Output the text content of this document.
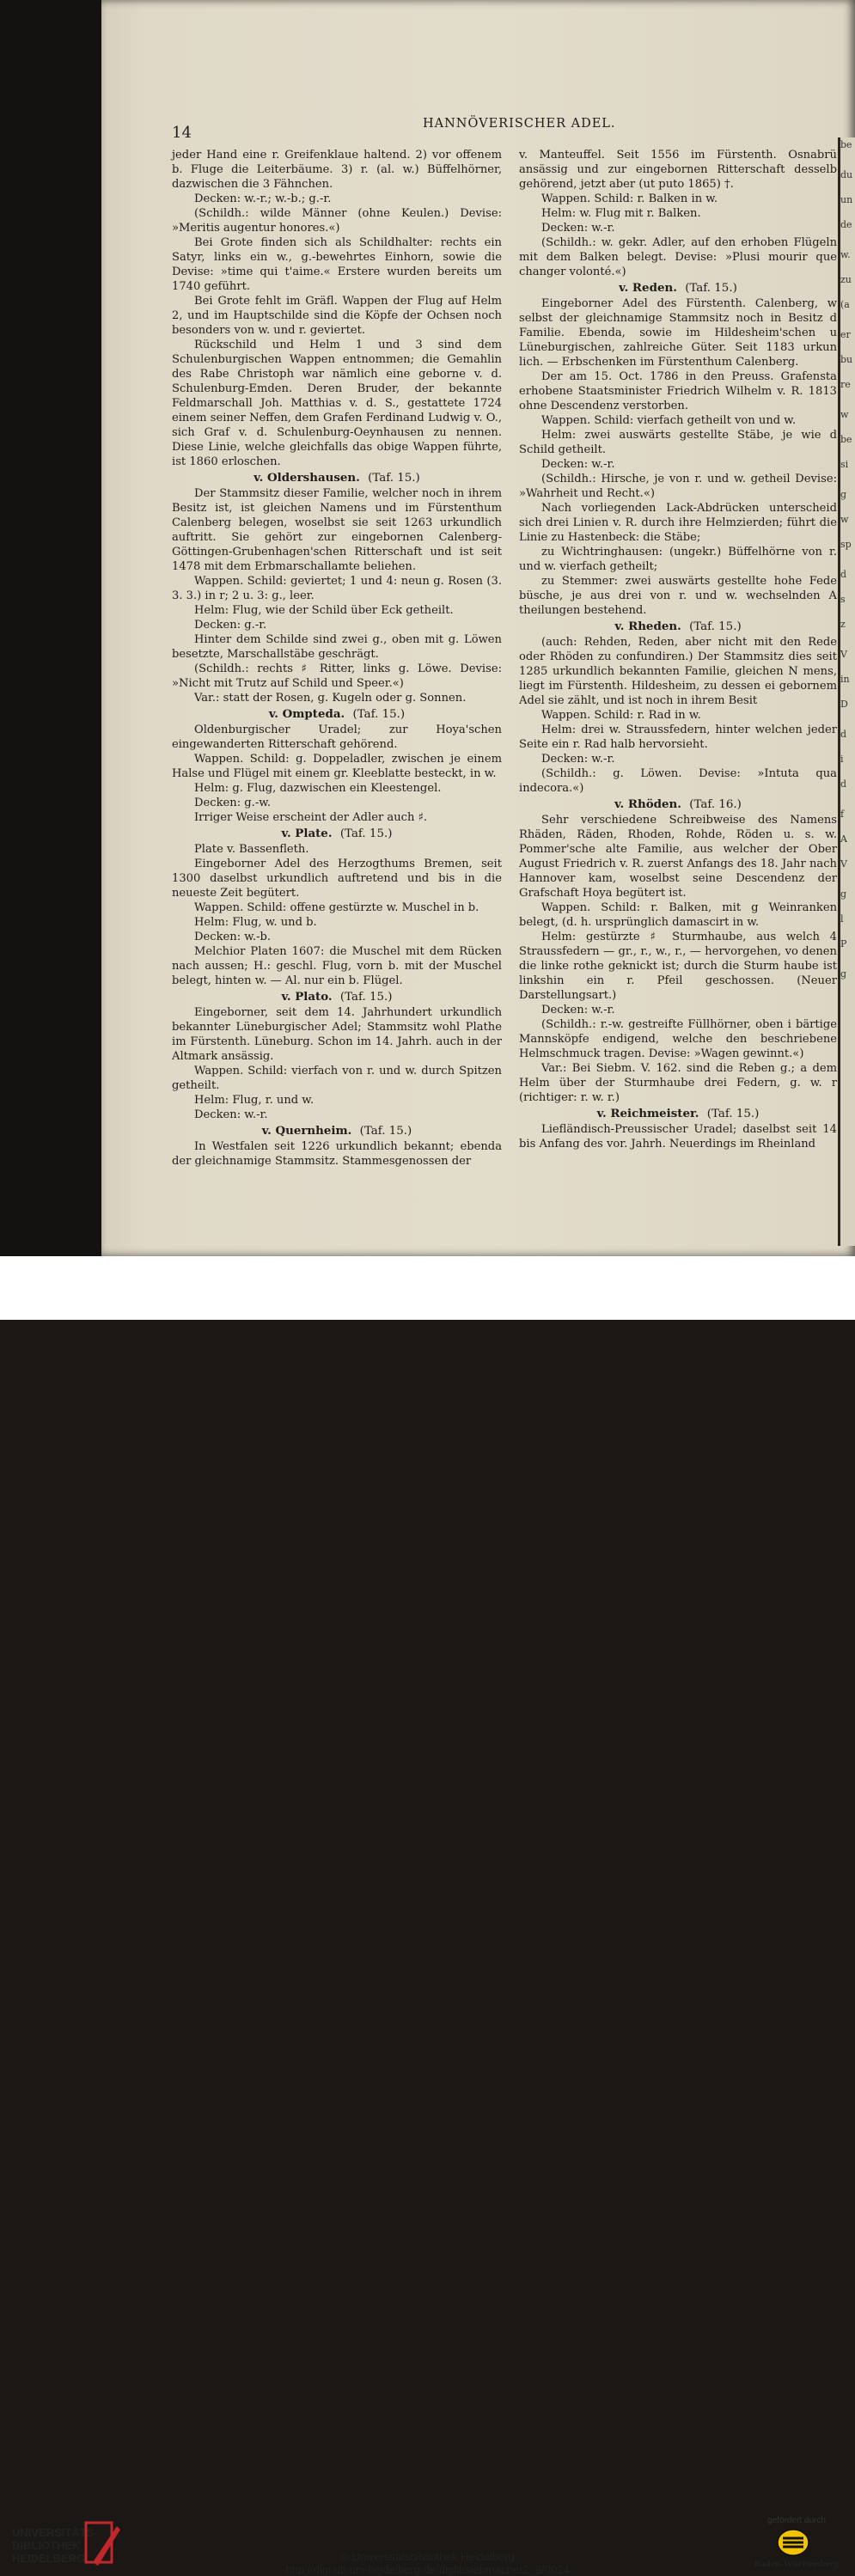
14	HANNÖVERISCHER ADEL.

jeder Hand eine r. Greifenklaue haltend. 2) vor offenem b. Fluge die Leiterbäume. 3) r. (al. w.) Büffelhörner, dazwischen die 3 Fähnchen.

Decken: w.-r.; w.-b.; g.-r.

(Schildh.: wilde Männer (ohne Keulen.) Devise: »Meritis augentur honores.«)

Bei Grote finden sich als Schildhalter: rechts ein Satyr, links ein w., g.-bewehrtes Einhorn, sowie die Devise: »time qui t'aime.« Erstere wurden bereits um 1740 geführt.

Bei Grote fehlt im Gräfl. Wappen der Flug auf Helm 2, und im Hauptschilde sind die Köpfe der Ochsen noch besonders von w. und r. geviertet.

Rückschild und Helm 1 und 3 sind dem Schulenburgischen Wappen entnommen; die Gemahlin des Rabe Christoph war nämlich eine geborne v. d. Schulenburg-Emden. Deren Bruder, der bekannte Feldmarschall Joh. Matthias v. d. S., gestattete 1724 einem seiner Neffen, dem Grafen Ferdinand Ludwig v. O., sich Graf v. d. Schulenburg-Oeynhausen zu nennen. Diese Linie, welche gleichfalls das obige Wappen führte, ist 1860 erloschen.

v. Oldershausen. (Taf. 15.)

Der Stammsitz dieser Familie, welcher noch in ihrem Besitz ist, ist gleichen Namens und im Fürstenthum Calenberg belegen, woselbst sie seit 1263 urkundlich auftritt. Sie gehört zur eingebornen Calenberg-Göttingen-Grubenhagen'schen Ritterschaft und ist seit 1478 mit dem Erbmarschallamte beliehen.

Wappen. Schild: geviertet; 1 und 4: neun g. Rosen (3. 3. 3.) in r; 2 u. 3: g., leer.

Helm: Flug, wie der Schild über Eck getheilt.

Decken: g.-r.

Hinter dem Schilde sind zwei g., oben mit g. Löwen besetzte, Marschallstäbe geschrägt.

(Schildh.: rechts ♯ Ritter, links g. Löwe. Devise: »Nicht mit Trutz auf Schild und Speer.«)

Var.: statt der Rosen, g. Kugeln oder g. Sonnen.

v. Ompteda. (Taf. 15.)

Oldenburgischer Uradel; zur Hoya'schen eingewanderten Ritterschaft gehörend.

Wappen. Schild: g. Doppeladler, zwischen je einem Halse und Flügel mit einem gr. Kleeblatte besteckt, in w.

Helm: g. Flug, dazwischen ein Kleestengel.

Decken: g.-w.

Irriger Weise erscheint der Adler auch ♯.

v. Plate. (Taf. 15.)

Plate v. Bassenfleth.

Eingeborner Adel des Herzogthums Bremen, seit 1300 daselbst urkundlich auftretend und bis in die neueste Zeit begütert.

Wappen. Schild: offene gestürzte w. Muschel in b.

Helm: Flug, w. und b.

Decken: w.-b.

Melchior Platen 1607: die Muschel mit dem Rücken nach aussen; H.: geschl. Flug, vorn b. mit der Muschel belegt, hinten w. — Al. nur ein b. Flügel.

v. Plato. (Taf. 15.)

Eingeborner, seit dem 14. Jahrhundert urkundlich bekannter Lüneburgischer Adel; Stammsitz wohl Plathe im Fürstenth. Lüneburg. Schon im 14. Jahrh. auch in der Altmark ansässig.

Wappen. Schild: vierfach von r. und w. durch Spitzen getheilt.

Helm: Flug, r. und w.

Decken: w.-r.

v. Quernheim. (Taf. 15.)

In Westfalen seit 1226 urkundlich bekannt; ebenda der gleichnamige Stammsitz. Stammesgenossen der

v. Manteuffel. Seit 1556 im Fürstenth. Osnabrü ansässig und zur eingebornen Ritterschaft desselb gehörend, jetzt aber (ut puto 1865) †.

Wappen. Schild: r. Balken in w.

Helm: w. Flug mit r. Balken.

Decken: w.-r.

(Schildh.: w. gekr. Adler, auf den erhoben Flügeln mit dem Balken belegt. Devise: »Plusi mourir que changer volonté.«)

v. Reden. (Taf. 15.)

Eingeborner Adel des Fürstenth. Calenberg, w selbst der gleichnamige Stammsitz noch in Besitz d Familie. Ebenda, sowie im Hildesheim'schen u Lüneburgischen, zahlreiche Güter. Seit 1183 urkun lich. — Erbschenken im Fürstenthum Calenberg.

Der am 15. Oct. 1786 in den Preuss. Grafensta erhobene Staatsminister Friedrich Wilhelm v. R. 1813 ohne Descendenz verstorben.

Wappen. Schild: vierfach getheilt von und w.

Helm: zwei auswärts gestellte Stäbe, je wie d Schild getheilt.

Decken: w.-r.

(Schildh.: Hirsche, je von r. und w. getheil Devise: »Wahrheit und Recht.«)

Nach vorliegenden Lack-Abdrücken unterscheid sich drei Linien v. R. durch ihre Helmzierden; führt die Linie zu Hastenbeck: die Stäbe;

zu Wichtringhausen: (ungekr.) Büffelhörne von r. und w. vierfach getheilt;

zu Stemmer: zwei auswärts gestellte hohe Fede büsche, je aus drei von r. und w. wechselnden A theilungen bestehend.

v. Rheden. (Taf. 15.)

(auch: Rehden, Reden, aber nicht mit den Rede oder Rhöden zu confundiren.) Der Stammsitz dies seit 1285 urkundlich bekannten Familie, gleichen N mens, liegt im Fürstenth. Hildesheim, zu dessen ei gebornem Adel sie zählt, und ist noch in ihrem Besit

Wappen. Schild: r. Rad in w.

Helm: drei w. Straussfedern, hinter welchen jeder Seite ein r. Rad halb hervorsieht.

Decken: w.-r.

(Schildh.: g. Löwen. Devise: »Intuta qua indecora.«)

v. Rhöden. (Taf. 16.)

Sehr verschiedene Schreibweise des Namens Rhäden, Räden, Rhoden, Rohde, Röden u. s. w. Pommer'sche alte Familie, aus welcher der Ober August Friedrich v. R. zuerst Anfangs des 18. Jahr nach Hannover kam, woselbst seine Descendenz der Grafschaft Hoya begütert ist.

Wappen. Schild: r. Balken, mit g Weinranken belegt, (d. h. ursprünglich damascirt in w.

Helm: gestürzte ♯ Sturmhaube, aus welch 4 Straussfedern — gr., r., w., r., — hervorgehen, vo denen die linke rothe geknickt ist; durch die Sturm haube ist linkshin ein r. Pfeil geschossen. (Neuer Darstellungsart.)

Decken: w.-r.

(Schildh.: r.-w. gestreifte Füllhörner, oben i bärtige Mannsköpfe endigend, welche den beschriebene Helmschmuck tragen. Devise: »Wagen gewinnt.«)

Var.: Bei Siebm. V. 162. sind die Reben g.; a dem Helm über der Sturmhaube drei Federn, g. w. r (richtiger: r. w. r.)

v. Reichmeister. (Taf. 15.)

Liefländisch-Preussischer Uradel; daselbst seit 14 bis Anfang des vor. Jahrh. Neuerdings im Rheinland

be
du
un
de
w.
zu
(a
er
bu
re
w
be
si
g
w
sp
d
s
z
V
in
D
d
i
d
f
A
V
g
l
P
g
UNIVERSITÄTS-
BIBLIOTHEK
HEIDELBERG	© Universitätsbibliothek Heidelberg
http://digi.ub.uni-heidelberg.de/diglit/siebmacher2_9/0024
gefördert durch
Baden-Württemberg
